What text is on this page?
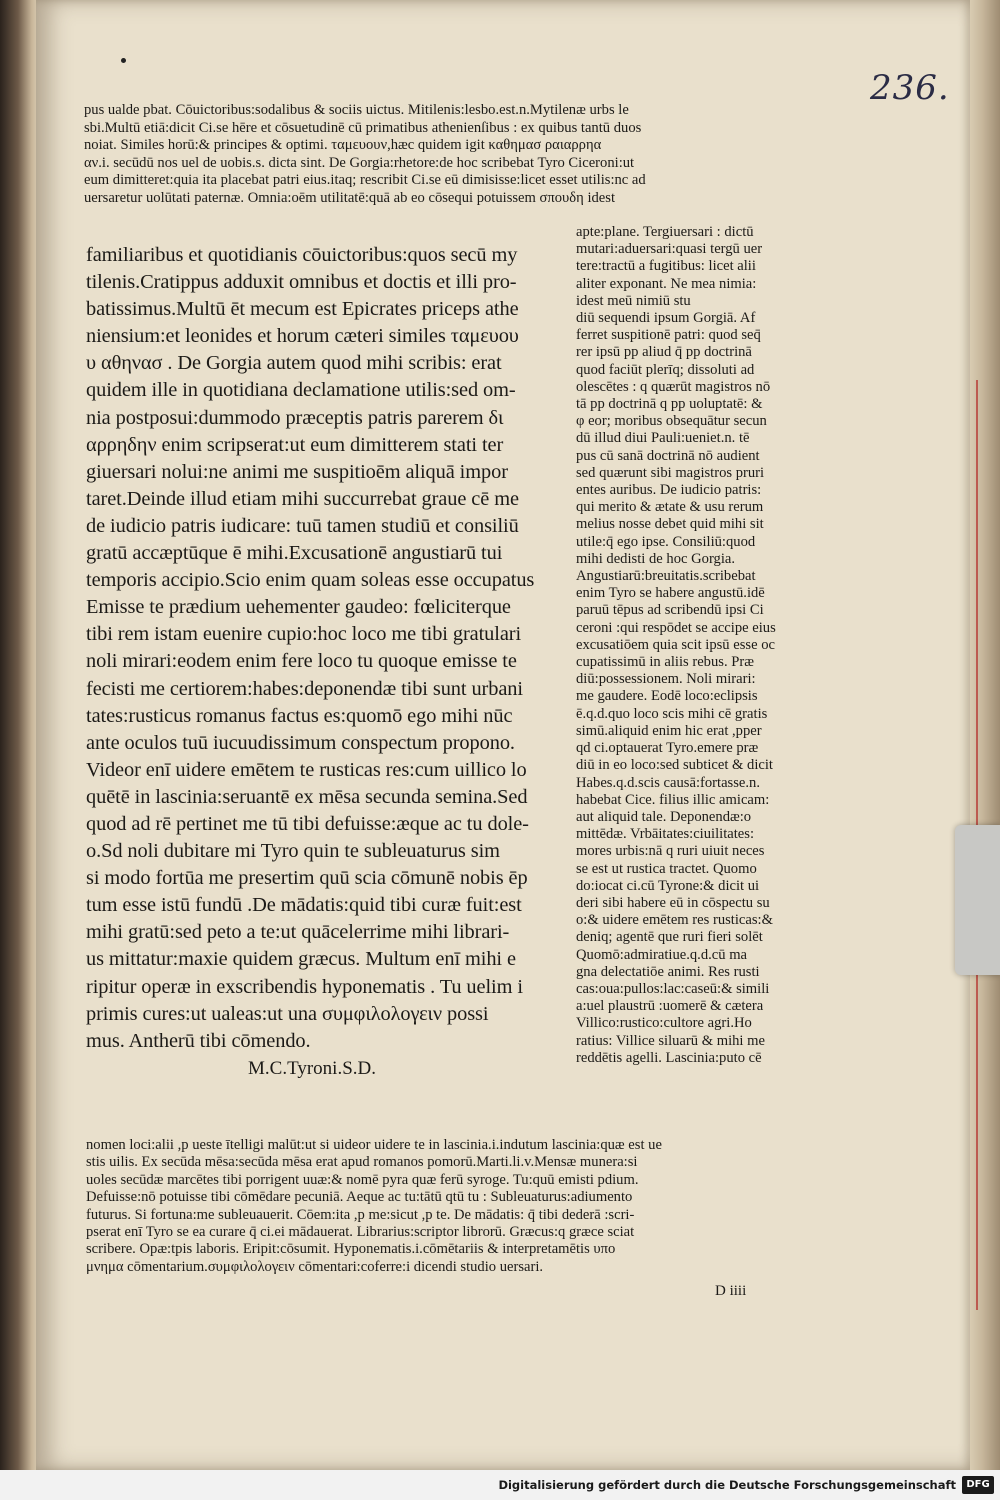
236.
pus ualde pbat. Cōuictoribus:sodalibus & sociis uictus. Mitilenis:lesbo.est.n.Mytilenæ urbs le
sbi.Multū etiā:dicit Ci.se hēre et cōsuetudinē cū primatibus athenienſibus : ex quibus tantū duos
noiat. Similes horū:& principes & optimi. ταμευουν,hæc quidem igit καθημασ ραιαρρηα
αν.i. secūdū nos uel de uobis.s. dicta sint. De Gorgia:rhetore:de hoc scribebat Tyro Ciceroni:ut
eum dimitteret:quia ita placebat patri eius.itaq; rescribit Ci.se eū dimisisse:licet esset utilis:nc ad
uersaretur uolūtati paternæ. Omnia:oēm utilitatē:quā ab eo cōsequi potuissem σπουδη idest
familiaribus et quotidianis cōuictoribus:quos secū my
tilenis.Cratippus adduxit omnibus et doctis et illi pro-
batissimus.Multū ēt mecum est Epicrates priceps athe
niensium:et leonides et horum cæteri similes ταμευου
υ αθηνασ . De Gorgia autem quod mihi scribis: erat
quidem ille in quotidiana declamatione utilis:sed om-
nia postposui:dummodo præceptis patris parerem δι
αρρηδην enim scripserat:ut eum dimitterem stati ter
giuersari nolui:ne animi me suspitioēm aliquā impor
taret.Deinde illud etiam mihi succurrebat graue cē me
de iudicio patris iudicare: tuū tamen studiū et consiliū
gratū accæptūque ē mihi.Excusationē angustiarū tui
temporis accipio.Scio enim quam soleas esse occupatus
Emisse te prædium uehementer gaudeo: fœliciterque
tibi rem istam euenire cupio:hoc loco me tibi gratulari
noli mirari:eodem enim fere loco tu quoque emisse te
fecisti me certiorem:habes:deponendæ tibi sunt urbani
tates:rusticus romanus factus es:quomō ego mihi nūc
ante oculos tuū iucuudissimum conspectum propono.
Videor enī uidere emētem te rusticas res:cum uillico lo
quētē in lascinia:seruantē ex mēsa secunda semina.Sed
quod ad rē pertinet me tū tibi defuisse:æque ac tu dole-
o.Sd noli dubitare mi Tyro quin te subleuaturus sim
si modo fortūa me presertim quū scia cōmunē nobis ēp
tum esse istū fundū .De mādatis:quid tibi curæ fuit:est
mihi gratū:sed peto a te:ut quācelerrime mihi librari-
us mittatur:maxie quidem græcus. Multum enī mihi e
ripitur operæ in exscribendis hyponematis . Tu uelim i
primis cures:ut ualeas:ut una συμφιλολογειν possi
mus. Antherū tibi cōmendo.
M.C.Tyroni.S.D.
apte:plane. Tergiuersari : dictū
mutari:aduersari:quasi tergū uer
tere:tractū a fugitibus: licet alii
aliter exponant. Ne mea nimia:
idest meū nimiū stu
diū sequendi ipsum Gorgiā. Af
ferret suspitionē patri: quod seq̄
rer ipsū pp aliud q̄ pp doctrinā
quod faciūt plerīq; dissoluti ad
olescētes : q quærūt magistros nō
tā pp doctrinā q pp uoluptatē: &
φ eor; moribus obsequātur secun
dū illud diui Pauli:ueniet.n. tē
pus cū sanā doctrinā nō audient
sed quærunt sibi magistros pruri
entes auribus. De iudicio patris:
qui merito & ætate & usu rerum
melius nosse debet quid mihi sit
utile:q̄ ego ipse. Consiliū:quod
mihi dedisti de hoc Gorgia.
Angustiarū:breuitatis.scribebat
enim Tyro se habere angustū.idē
paruū tēpus ad scribendū ipsi Ci
ceroni :qui respōdet se accipe eius
excusatiōem quia scit ipsū esse oc
cupatissimū in aliis rebus. Præ
diū:possessionem. Noli mirari:
me gaudere. Eodē loco:eclipsis
ē.q.d.quo loco scis mihi cē gratis
simū.aliquid enim hic erat ,pper
qd ci.optauerat Tyro.emere præ
diū in eo loco:sed subticet & dicit
Habes.q.d.scis causā:fortasse.n.
habebat Cice. filius illic amicam:
aut aliquid tale. Deponendæ:o
mittēdæ. Vrbāitates:ciuilitates:
mores urbis:nā q ruri uiuit neces
se est ut rustica tractet. Quomo
do:iocat ci.cū Tyrone:& dicit ui
deri sibi habere eū in cōspectu su
o:& uidere emētem res rusticas:&
deniq; agentē que ruri fieri solēt
Quomō:admiratiue.q.d.cū ma
gna delectatiōe animi. Res rusti
cas:oua:pullos:lac:caseū:& simili
a:uel plaustrū :uomerē & cætera
Villico:rustico:cultore agri.Ho
ratius: Villice siluarū & mihi me
reddētis agelli. Lascinia:puto cē
nomen loci:alii ,p ueste ītelligi malūt:ut si uideor uidere te in lascinia.i.indutum lascinia:quæ est ue
stis uilis. Ex secūda mēsa:secūda mēsa erat apud romanos pomorū.Marti.li.v.Mensæ munera:si
uoles secūdæ marcētes tibi porrigent uuæ:& nomē pyra quæ ferū syroge. Tu:quū emisti pdium.
Defuisse:nō potuisse tibi cōmēdare pecuniā. Aeque ac tu:tātū qtū tu : Subleuaturus:adiumento
futurus. Si fortuna:me subleuauerit. Cōem:ita ,p me:sicut ,p te. De mādatis: q̄ tibi dederā :scri-
pserat enī Tyro se ea curare q̄ ci.ei mādauerat. Librarius:scriptor librorū. Græcus:q græce sciat
scribere. Opæ:tpis laboris. Eripit:cōsumit. Hyponematis.i.cōmētariis & interpretamētis υπο
μνημα cōmentarium.συμφιλολογειν cōmentari:coferre:i dicendi studio uersari.
D iiii
Digitalisierung gefördert durch die Deutsche Forschungsgemeinschaft	DFG
